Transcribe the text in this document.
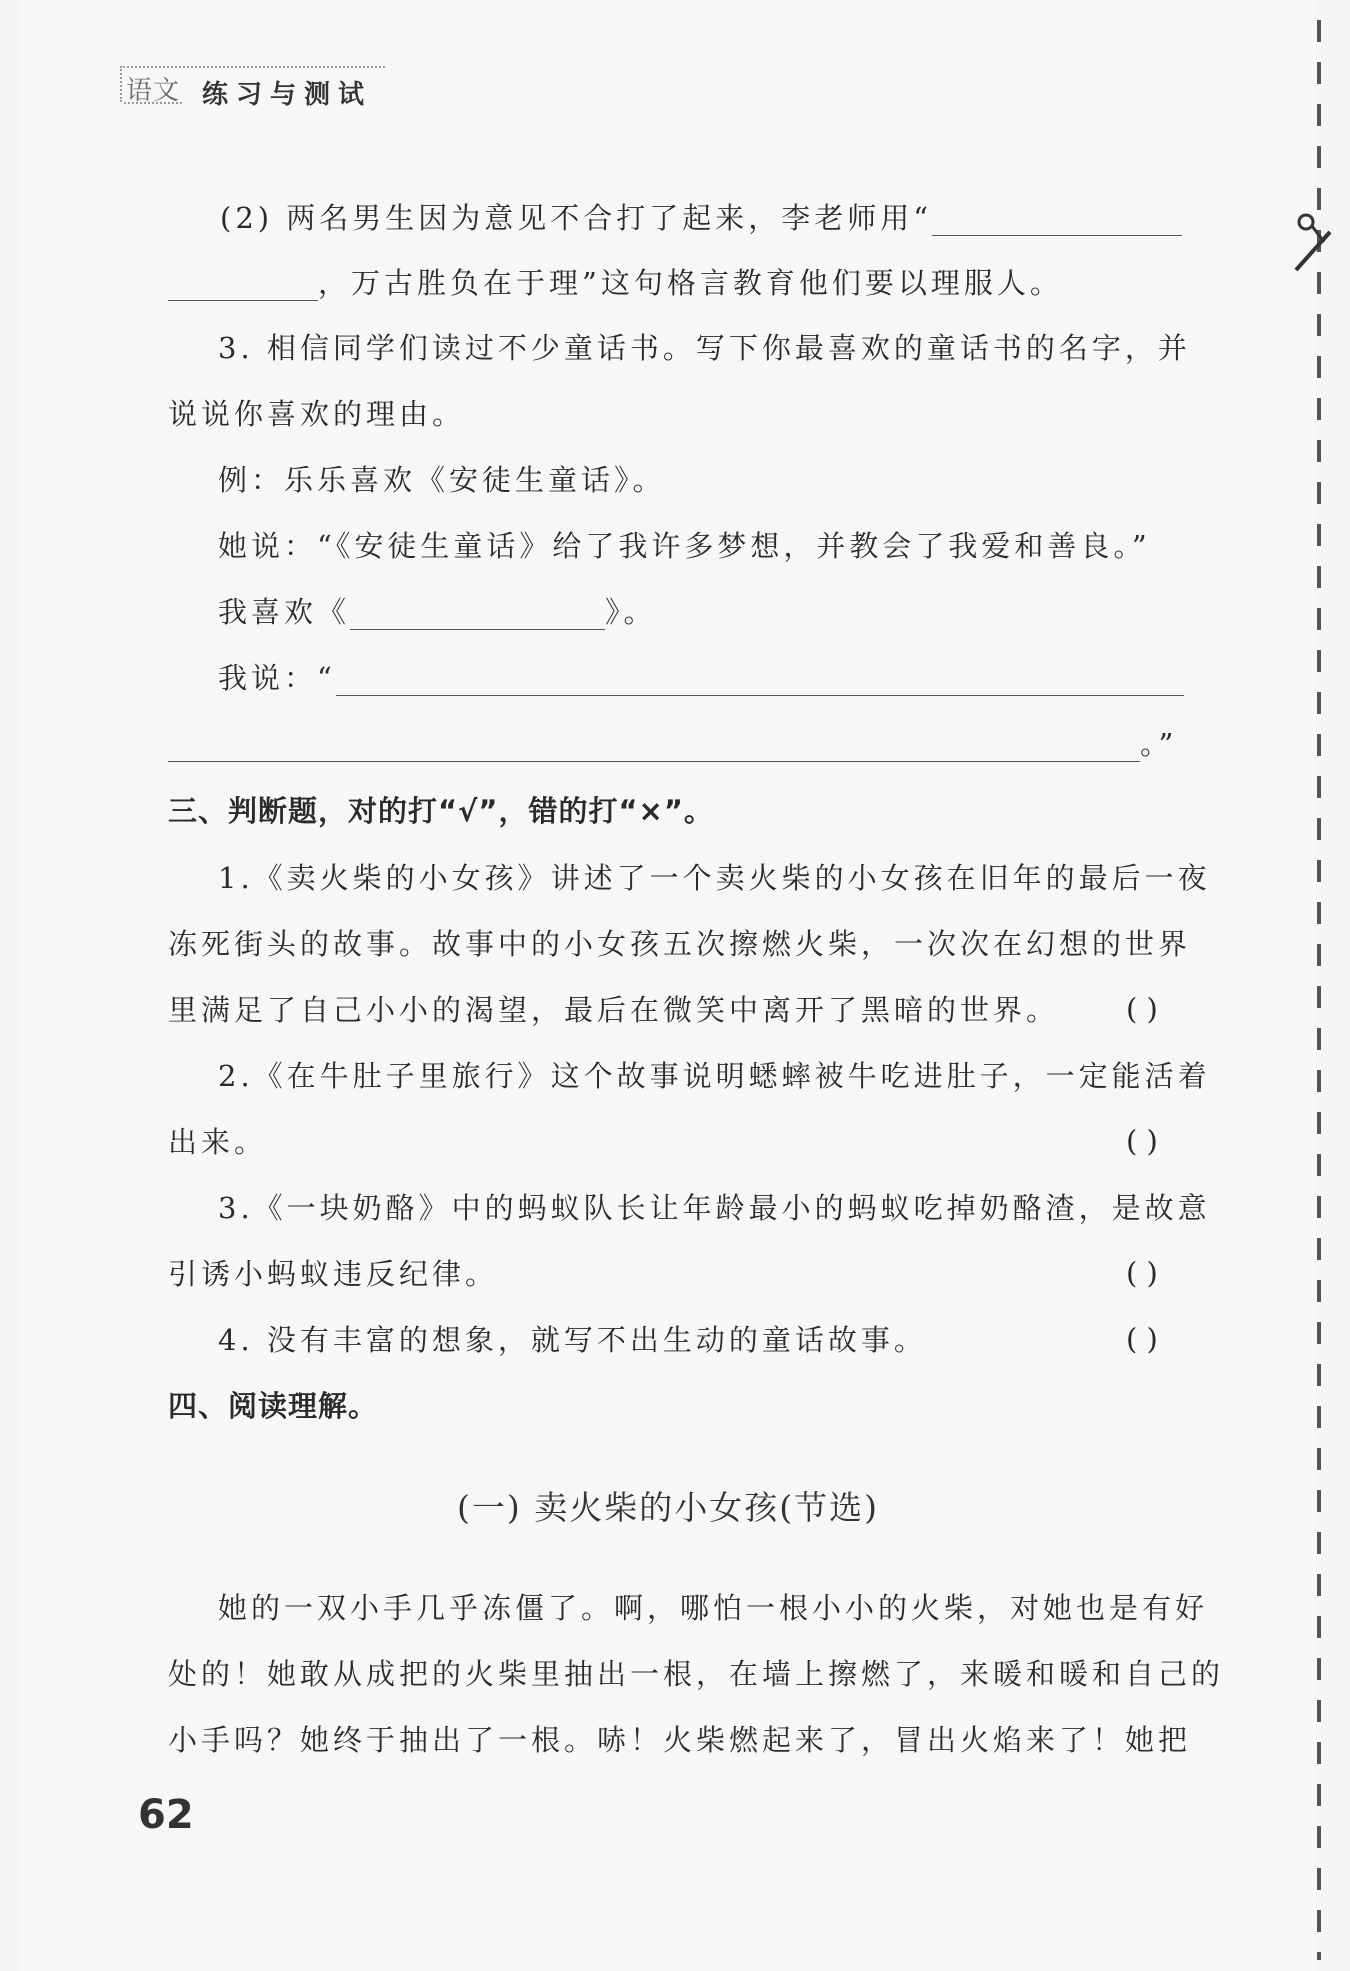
语文 练习与测试
(2) 两名男生因为意见不合打了起来，李老师用“
，万古胜负在于理”这句格言教育他们要以理服人。
3. 相信同学们读过不少童话书。写下你最喜欢的童话书的名字，并
说说你喜欢的理由。
例：乐乐喜欢《安徒生童话》。
她说：“《安徒生童话》给了我许多梦想，并教会了我爱和善良。”
我喜欢《	》。
我说：“
。”
三、判断题，对的打“√”，错的打“×”。
1.《卖火柴的小女孩》讲述了一个卖火柴的小女孩在旧年的最后一夜
冻死街头的故事。故事中的小女孩五次擦燃火柴，一次次在幻想的世界
里满足了自己小小的渴望，最后在微笑中离开了黑暗的世界。 ( )
2.《在牛肚子里旅行》这个故事说明蟋蟀被牛吃进肚子，一定能活着
出来。	( )
3.《一块奶酪》中的蚂蚁队长让年龄最小的蚂蚁吃掉奶酪渣，是故意
引诱小蚂蚁违反纪律。	( )
4. 没有丰富的想象，就写不出生动的童话故事。	( )
四、阅读理解。
(一) 卖火柴的小女孩(节选)
她的一双小手几乎冻僵了。啊，哪怕一根小小的火柴，对她也是有好
处的！她敢从成把的火柴里抽出一根，在墙上擦燃了，来暖和暖和自己的
小手吗？她终于抽出了一根。哧！火柴燃起来了，冒出火焰来了！她把
62
